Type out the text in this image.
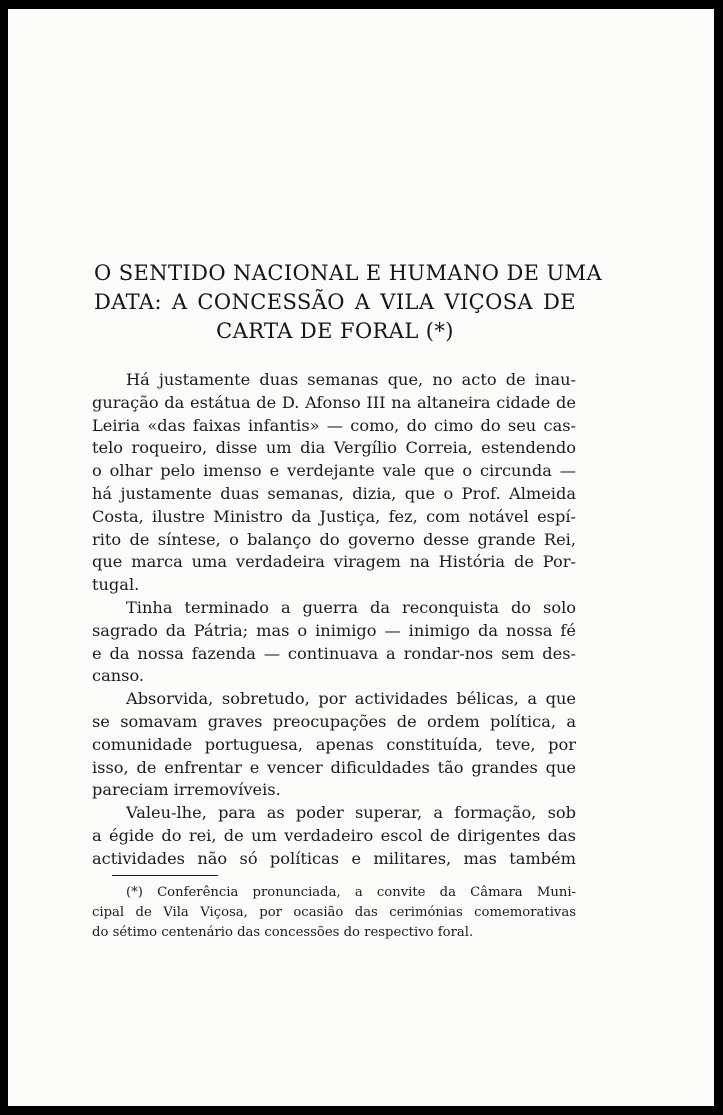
O SENTIDO NACIONAL E HUMANO DE UMA
DATA: A CONCESSÃO A VILA VIÇOSA DE
CARTA DE FORAL (*)
Há justamente duas semanas que, no acto de inau-
guração da estátua de D. Afonso III na altaneira cidade de
Leiria «das faixas infantis» — como, do cimo do seu cas-
telo roqueiro, disse um dia Vergílio Correia, estendendo
o olhar pelo imenso e verdejante vale que o circunda —
há justamente duas semanas, dizia, que o Prof. Almeida
Costa, ilustre Ministro da Justiça, fez, com notável espí-
rito de síntese, o balanço do governo desse grande Rei,
que marca uma verdadeira viragem na História de Por-
tugal.
Tinha terminado a guerra da reconquista do solo
sagrado da Pátria; mas o inimigo — inimigo da nossa fé
e da nossa fazenda — continuava a rondar-nos sem des-
canso.
Absorvida, sobretudo, por actividades bélicas, a que
se somavam graves preocupações de ordem política, a
comunidade portuguesa, apenas constituída, teve, por
isso, de enfrentar e vencer dificuldades tão grandes que
pareciam irremovíveis.
Valeu-lhe, para as poder superar, a formação, sob
a égide do rei, de um verdadeiro escol de dirigentes das
actividades não só políticas e militares, mas também
(*) Conferência pronunciada, a convite da Câmara Muni-
cipal de Vila Viçosa, por ocasião das cerimónias comemorativas
do sétimo centenário das concessões do respectivo foral.
